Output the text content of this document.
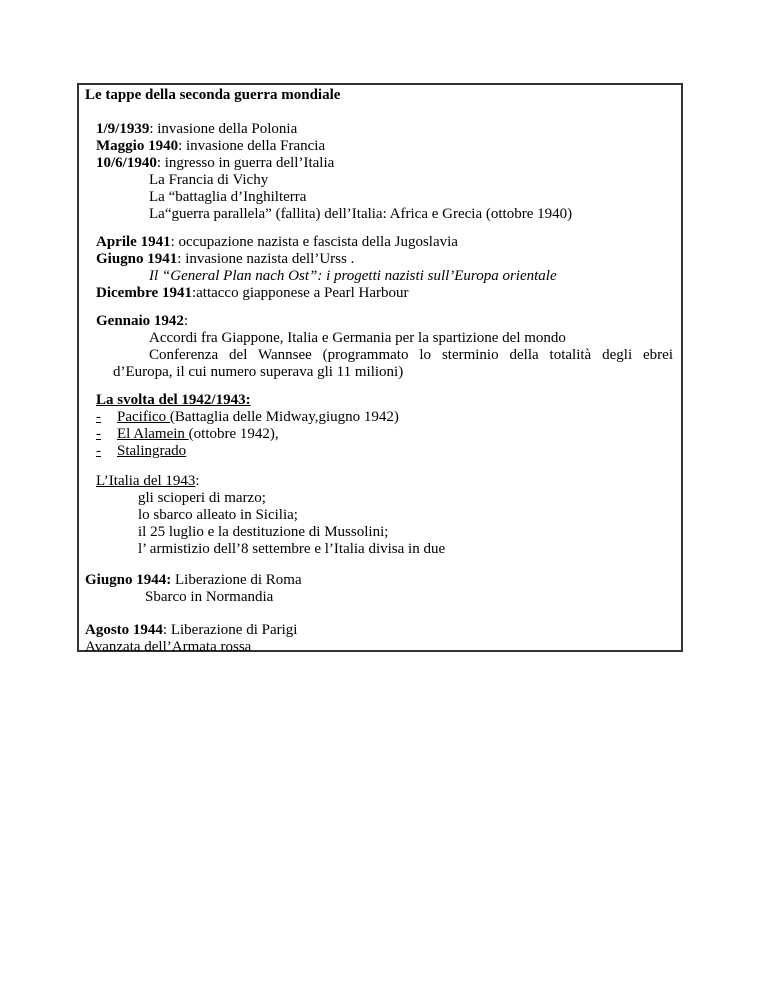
Le tappe della seconda guerra mondiale
1/9/1939: invasione della Polonia
Maggio 1940: invasione della Francia
10/6/1940: ingresso in guerra dell’Italia
La Francia di Vichy
La “battaglia d’Inghilterra
La“guerra parallela” (fallita) dell’Italia: Africa e Grecia (ottobre 1940)
Aprile 1941: occupazione nazista e fascista della Jugoslavia
Giugno 1941: invasione nazista dell’Urss .
Il “General Plan nach Ost”: i progetti nazisti sull’Europa orientale
Dicembre 1941:attacco giapponese a Pearl Harbour
Gennaio 1942:
Accordi fra Giappone, Italia e Germania per la spartizione del mondo
Conferenza del Wannsee (programmato lo sterminio della totalità degli ebrei
d’Europa, il cui numero superava gli 11 milioni)
La svolta del 1942/1943:
- Pacifico (Battaglia delle Midway,giugno 1942)
- El Alamein (ottobre 1942),
- Stalingrado
L’Italia del 1943:
gli scioperi di marzo;
lo sbarco alleato in Sicilia;
il 25 luglio e la destituzione di Mussolini;
l’ armistizio dell’8 settembre e l’Italia divisa in due
Giugno 1944: Liberazione di Roma
Sbarco in Normandia
Agosto 1944: Liberazione di Parigi
Avanzata dell’Armata rossa
